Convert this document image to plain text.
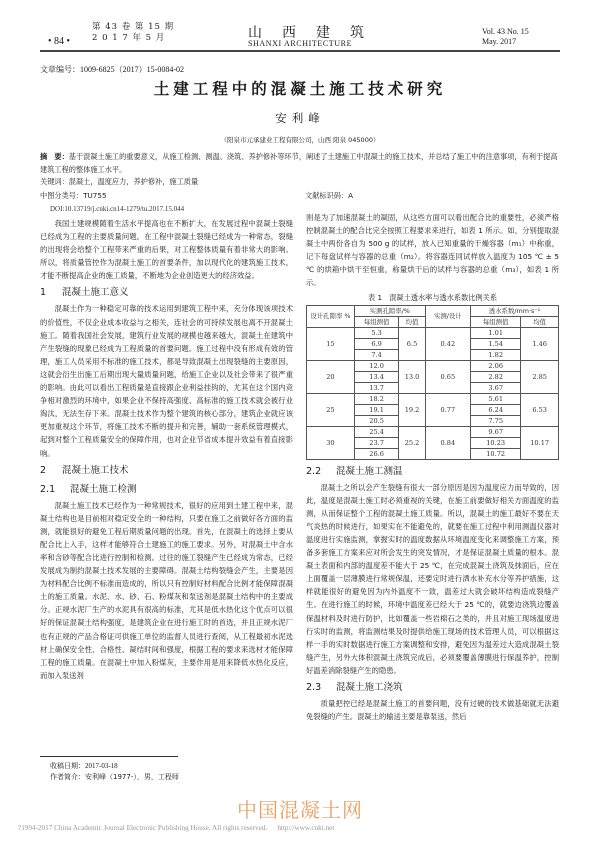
• 84 •
第 43 卷 第 15 期
2 0 1 7 年 5 月	山西建筑
SHANXI ARCHITECTURE
Vol. 43 No. 15
May. 2017
文章编号：1009-6825（2017）15-0084-02
土建工程中的混凝土施工技术研究
安利峰
（阳泉市元承建业工程有限公司，山西 阳泉 045000）
摘　要：基于混凝土施工的重要意义，从施工检测、测温、浇筑、养护修补等环节，阐述了土建施工中混凝土的施工技术，并总结了施工中的注意事项，有利于提高建筑工程的整体施工水平。
关键词：混凝土，温度应力，养护修补，施工质量
中图分类号：TU755	文献标识码：A
DOI:10.13719/j.cnki.cn14-1279/tu.2017.15.044

我国土建规模随着生活水平提高也在不断扩大，在发展过程中混凝土裂缝已经成为工程的主要质量问题。在工程中混凝土裂缝已经成为一种常态，裂缝的出现将会给整个工程带来严重的后果，对工程整体质量有着非常大的影响。所以，将质量管控作为混凝土施工的首要条件，加以现代化的建筑施工技术，才能不断提高企业的施工质量，不断地为企业创造更大的经济效益。

1 混凝土施工意义

混凝土作为一种稳定可靠的技术运用到建筑工程中来，充分体现该项技术的价值性，不仅企业成本收益与之相关，连社会的可持续发展也离不开混凝土施工。随着我国社会发展，建筑行业发展的规模也越来越大，混凝土在建筑中产生裂缝的现象已经成为工程质量的首要问题。施工过程中没有形成有效的管理，施工人员采用不标准的施工技术，都是导致混凝土出现裂缝的主要原因，这就会衍生出施工后期出现大量质量问题，给施工企业以及社会带来了很严重的影响。由此可以看出工程质量是直接跟企业利益挂钩的，尤其在这个国内竞争相对激烈的环境中，如果企业不保持高强度、高标准的施工技术就会被行业淘汰，无法生存下来。混凝土技术作为整个建筑的核心部分，建筑企业就应该更加重视这个环节，将施工技术不断的提升和完善，辅助一套系统管理模式，起到对整个工程质量安全的保障作用，也对企业节省成本提升效益有着直接影响。

2 混凝土施工技术
2.1 混凝土施工检测

混凝土施工技术已经作为一种常规技术，很好的应用到土建工程中来，混凝土结构也是目前相对稳定安全的一种结构，只要在施工之前做好各方面的监测，就能很好的避免工程后期质量问题的出现。首先，在混凝土的选择上要从配合比上入手，这样才能够符合土建施工的施工要求。另外，对混凝土中含水率和含砂等配合比进行控制和检测。过往的施工裂缝产生已经成为常态，已经发展成为制约混凝土技术发展的主要障碍。混凝土结构裂缝会产生，主要是因为材料配合比例不标准而造成的，所以只有控制好材料配合比例才能保障混凝土的施工质量。水泥、水、砂、石、粉煤灰和泵送剂是混凝土结构中的主要成分。正规水泥厂生产的水泥具有很高的标准，尤其是低水热化这个优点可以很好的保证混凝土结构强度，是建筑企业在进行施工时的首选，并且正规水泥厂也有正规的产品合格证可供施工单位的监督人员进行查阅，从工程最初水泥选材上确保安全性、合格性、凝结时间和强度，根据工程的要求来选材才能保障工程的施工质量。在混凝土中加入粉煤灰，主要作用是用来降低水热化反应，而加入泵送剂

则是为了加速混凝土的凝固，从这些方面可以看出配合比的重要性，必须严格控制混凝土的配合比完全按照工程要求来进行，如表 1 所示。如，分别提取混凝土中两份各自为 500 g 的试样，放入已知重量的干燥容器（m₁）中称重，记下每盘试样与容器的总重（m₂）。将容器连同试样放入温度为 105 ℃ ± 5 ℃ 的烘箱中烘干至恒重，称量烘干后的试样与容器的总重（m₃），如表 1 所示。

表 1　混凝土透水率与透水系数比例关系
设计孔隙率 %	实测孔隙率/%		实测/设计	透水系数/mm·s⁻¹	
	每组测值	均值		每组测值	均值
15	5.3	6.5	0.42	1.01	1.46
	6.9			1.54	
	7.4			1.82	
20	12.0	13.0	0.65	2.06	2.85
	13.4			2.82	
	13.7			3.67	
25	18.2	19.2	0.77	5.61	6.53
	19.1			6.24	
	20.5			7.75	
30	25.4	25.2	0.84	9.67	10.17
	23.7			10.23	
	26.6			10.72	
2.2 混凝土施工测温

混凝土之所以会产生裂缝有很大一部分原因是因为温度应力而导致的，因此，温度是混凝土施工时必须重视的关键，在施工前要做好相关方面温度的监测，从而保证整个工程的混凝土施工质量。所以，混凝土的施工最好不要在天气炎热的时候进行，如果实在不能避免的，就要在施工过程中利用测温仪器对温度进行实施监测，掌握实时的温度数据从环境温度变化来调整施工方案，预备多套施工方案来应对所会发生的突发情况，才是保证混凝土质量的根本。混凝土表面和内部的温度差不能大于 25 ℃，在完成混凝土浇筑及抹面后，应在上面覆盖一层薄膜进行常规保温，还要定时进行洒水补充水分等养护措施，这样就能很好的避免因为内外温度不一致，温差过大就会破坏结构造成裂缝产生。在进行施工的时候，环境中温度差已经大于 25 ℃的，就要边浇筑边覆盖保温材料及时进行防护，比如覆盖一些岩棉石之类的，并且对施工现场温度进行实时的监测，将监测结果及时提供给施工现场的技术管理人员，可以根据这样一手的实时数据进行施工方案调整和安排，避免因为温差过大造成混凝土裂缝产生，另外大体积混凝土浇筑完成后，必须要覆盖薄膜进行保温养护，控制好温差消除裂缝产生的隐患。

2.3 混凝土施工浇筑

质量把控已经是混凝土施工的首要问题，没有过硬的技术做基础就无法避免裂缝的产生。混凝土的输送主要是靠泵送，然后

收稿日期：2017-03-18
作者简介：安利峰（1977-），男，工程师
中国混凝土网
?1994-2017 China Academic Journal Electronic Publishing House. All rights reserved. http://www.cnki.net
